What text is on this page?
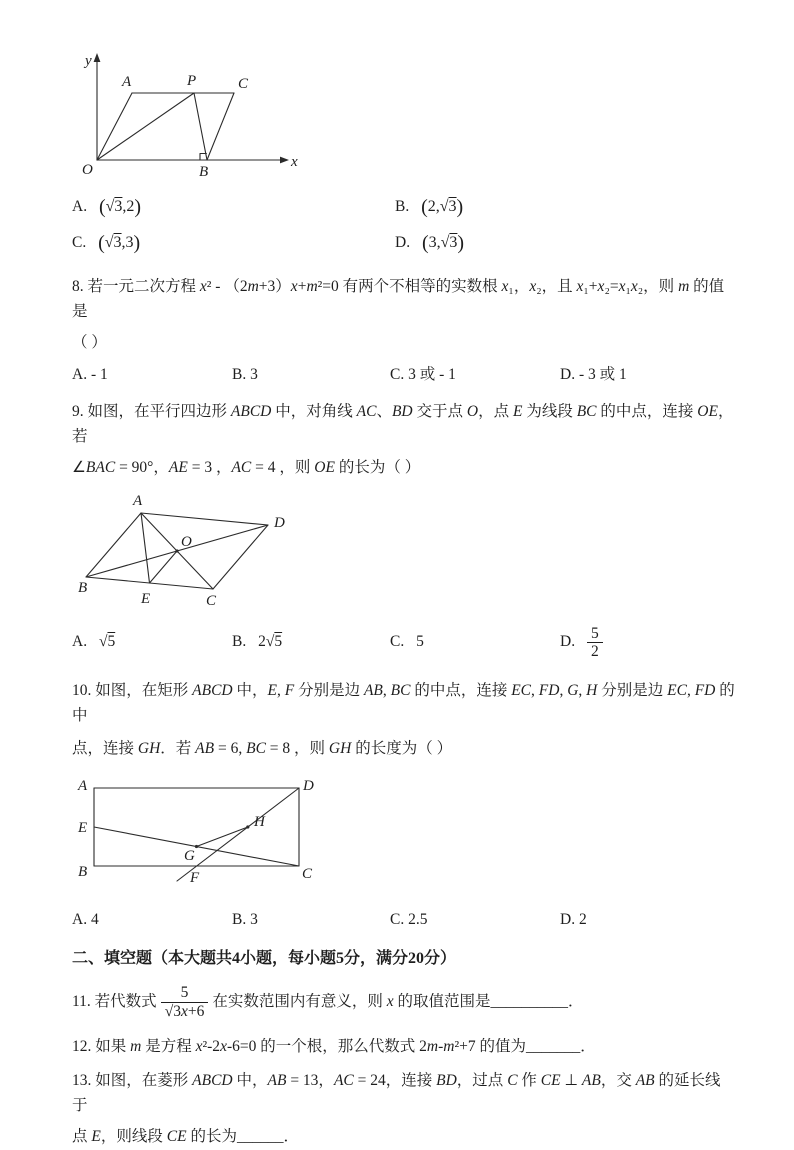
y
x
O
A	P	C
B
A. (√3,2)	B. (2,√3)
C. (√3,3)	D. (3,√3)
8. 若一元二次方程 x² - （2m+3）x+m²=0 有两个不相等的实数根 x₁，x₂，且 x₁+x₂=x₁x₂，则 m 的值是
（ ）
A. - 1	B. 3	C. 3 或 - 1	D. - 3 或 1
9. 如图，在平行四边形 ABCD 中，对角线 AC、BD 交于点 O，点 E 为线段 BC 的中点，连接 OE，若
∠BAC = 90°，AE = 3 ，AC = 4 ，则 OE 的长为（ ）
A
B
C
D
E
O
A. √5	B. 2√5	C. 5	D. $\frac{5}{2}$
10. 如图，在矩形 ABCD 中，E, F 分别是边 AB, BC 的中点，连接 EC, FD, G, H 分别是边 EC, FD 的中
点，连接 GH．若 AB = 6, BC = 8 ，则 GH 的长度为（ ）
A	D
E
B
G
F	C
H
A. 4	B. 3	C. 2.5	D. 2
二、填空题（本大题共4小题，每小题5分，满分20分）
11. 若代数式 $\frac{5}{√3\overline{x}+6}$ 在实数范围内有意义，则 x 的取值范围是__________．
12. 如果 m 是方程 x²-2x-6=0 的一个根，那么代数式 2m-m²+7 的值为_______．
13. 如图，在菱形 ABCD 中，AB = 13，AC = 24，连接 BD，过点 C 作 CE ⊥ AB，交 AB 的延长线于
点 E，则线段 CE 的长为______．
